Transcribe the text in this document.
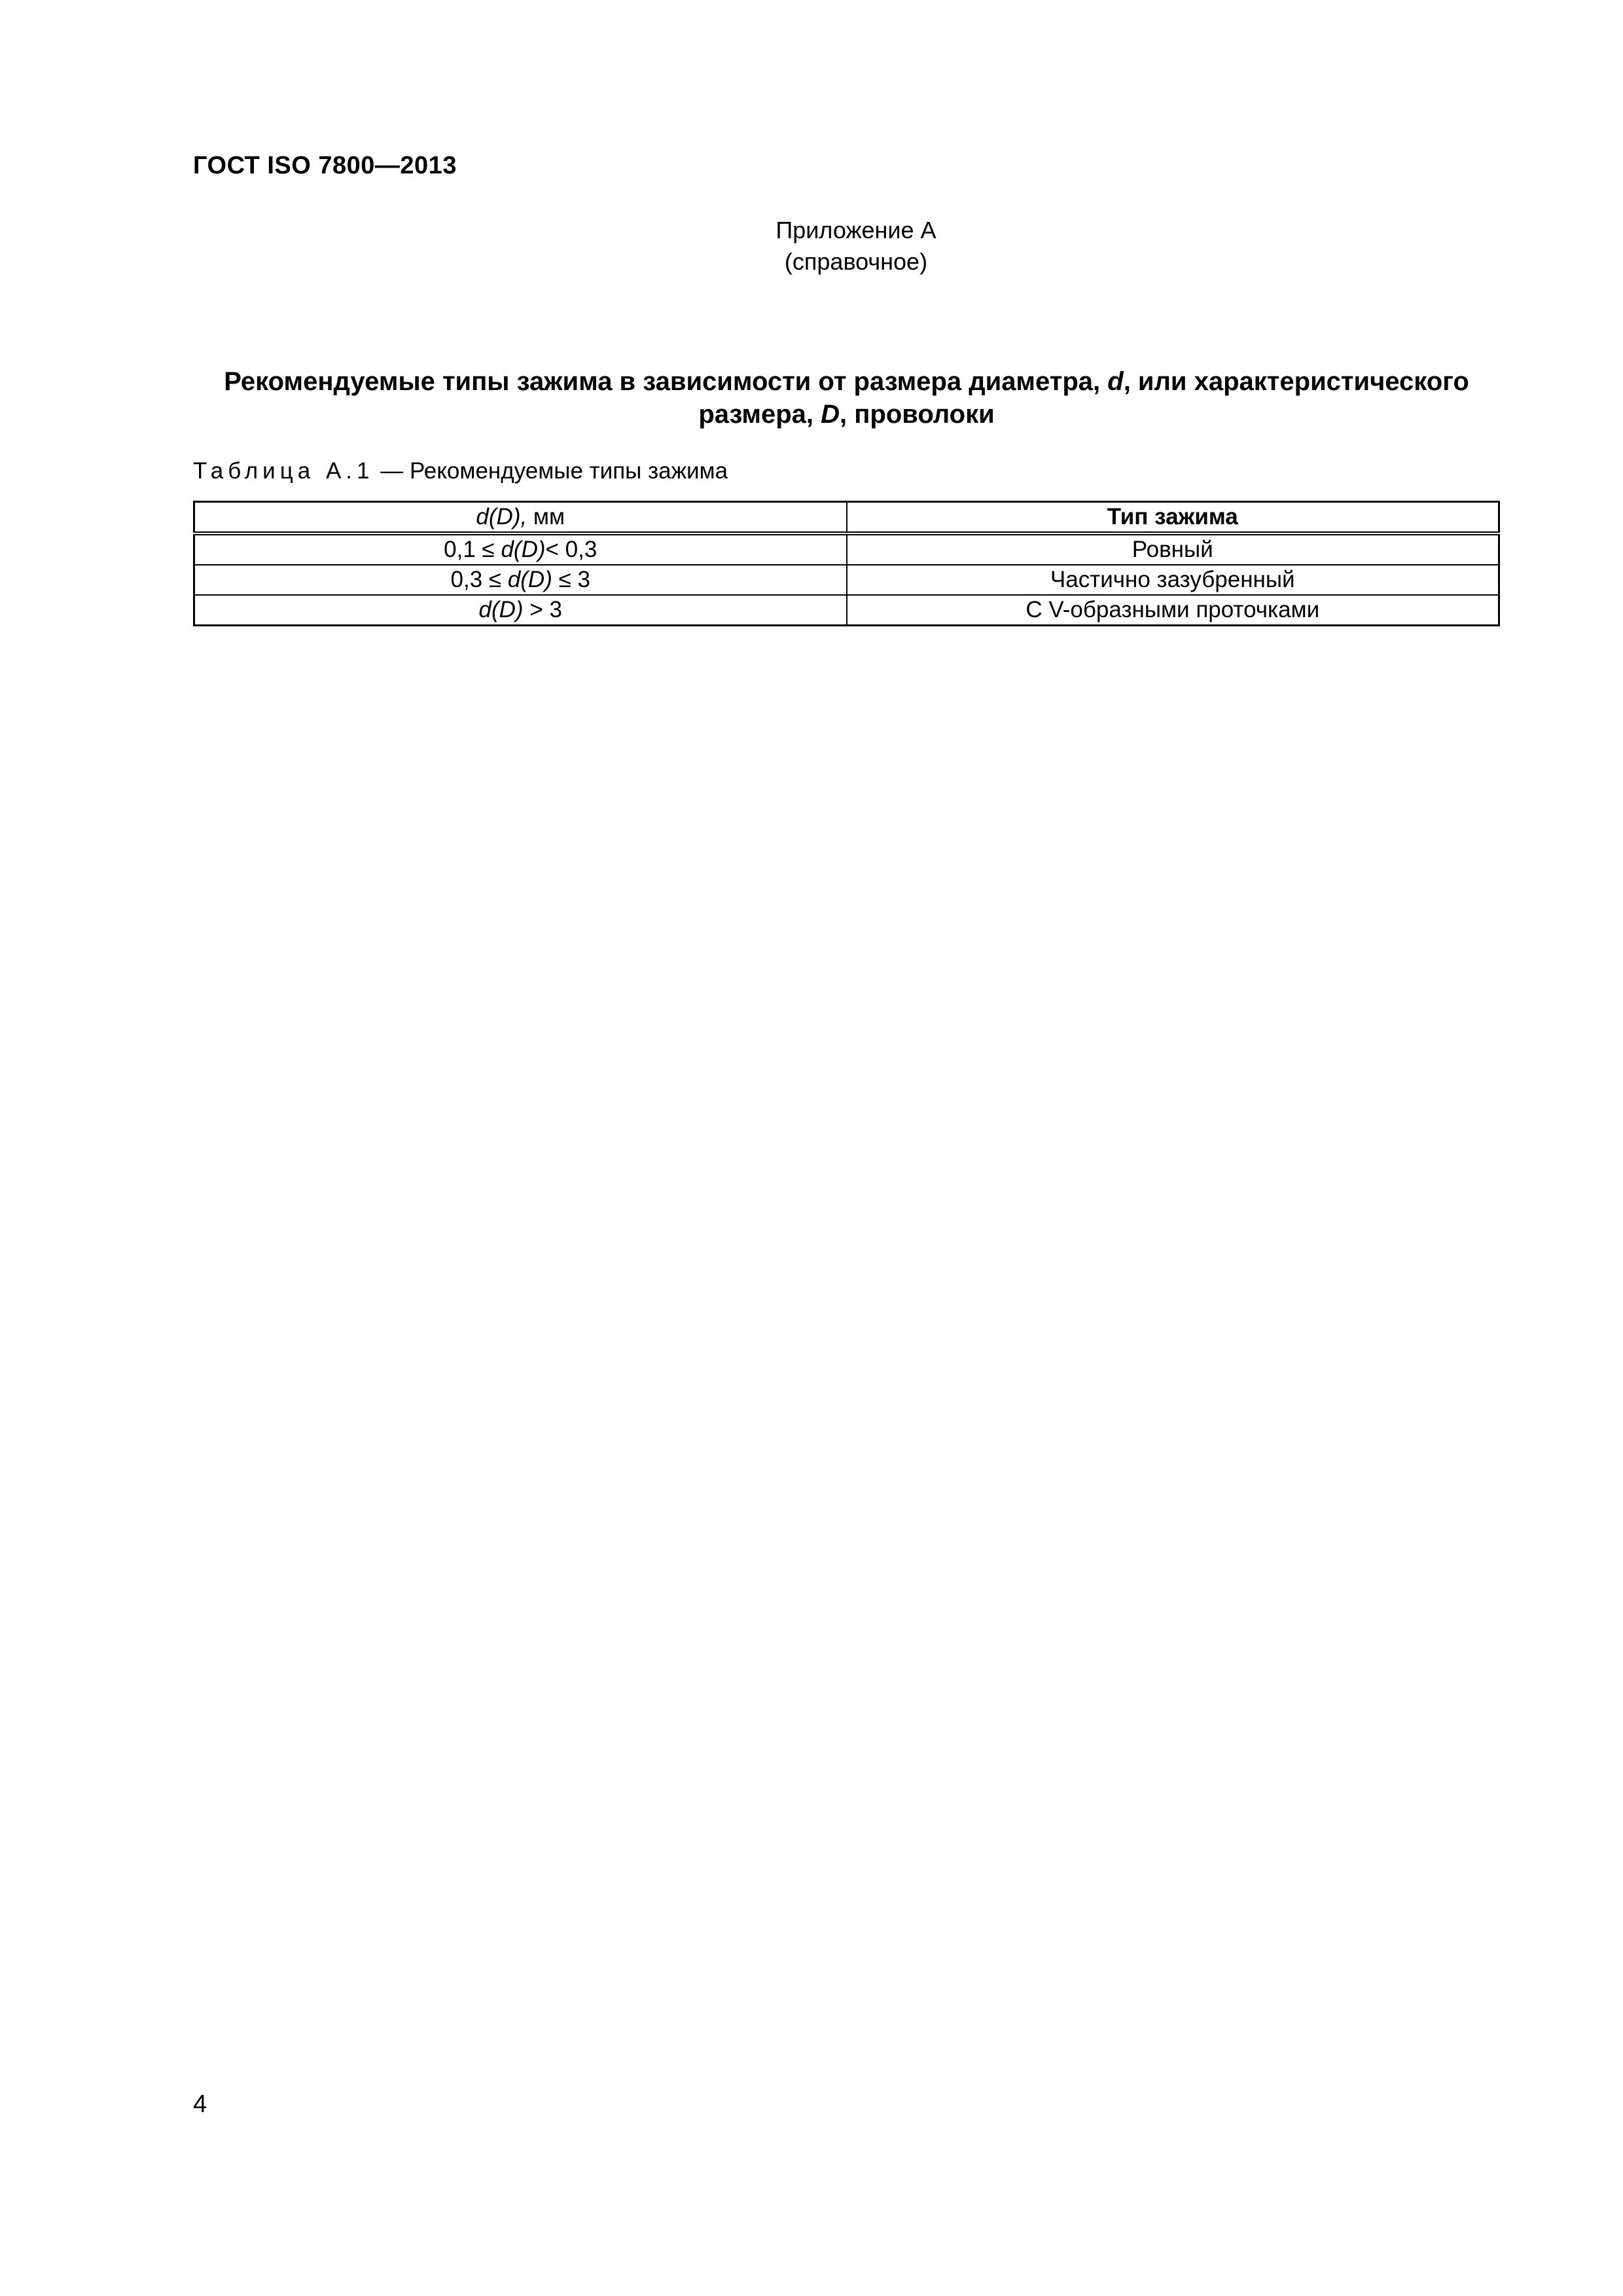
ГОСТ ISO 7800—2013
Приложение А
(справочное)
Рекомендуемые типы зажима в зависимости от размера диаметра, d, или характеристического размера, D, проволоки
Таблица А.1 — Рекомендуемые типы зажима
d(D), мм	Тип зажима
0,1 ≤ d(D)< 0,3	Ровный
0,3 ≤ d(D) ≤ 3	Частично зазубренный
d(D) > 3	С V-образными проточками
4
